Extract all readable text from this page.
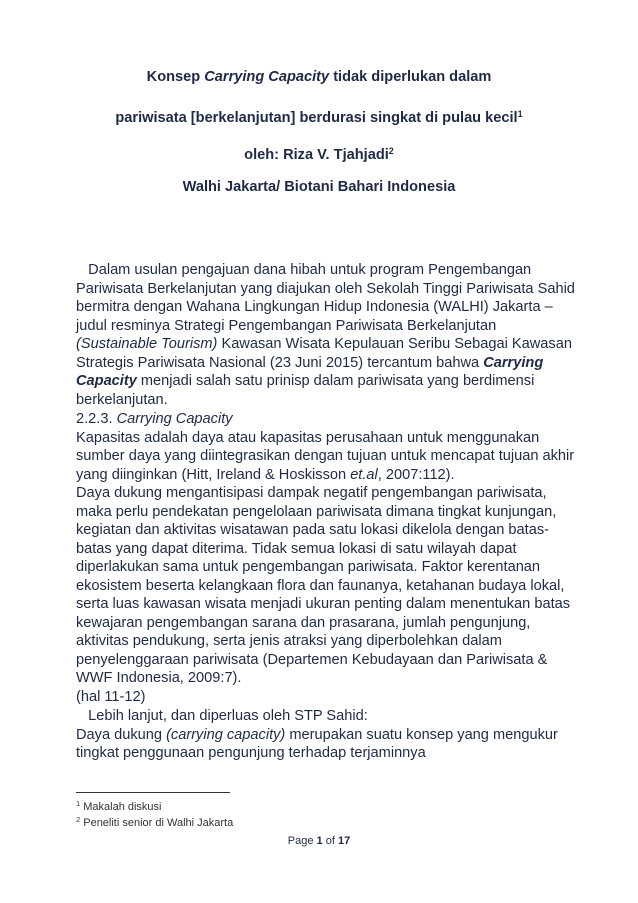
Konsep Carrying Capacity tidak diperlukan dalam
pariwisata [berkelanjutan] berdurasi singkat di pulau kecil$^1$
oleh: Riza V. Tjahjadi$^2$
Walhi Jakarta/ Biotani Bahari Indonesia
Dalam usulan pengajuan dana hibah untuk program Pengembangan Pariwisata Berkelanjutan yang diajukan oleh Sekolah Tinggi Pariwisata Sahid bermitra dengan Wahana Lingkungan Hidup Indonesia (WALHI) Jakarta – judul resminya Strategi Pengembangan Pariwisata Berkelanjutan (Sustainable Tourism) Kawasan Wisata Kepulauan Seribu Sebagai Kawasan Strategis Pariwisata Nasional (23 Juni 2015) tercantum bahwa Carrying Capacity menjadi salah satu prinisp dalam pariwisata yang berdimensi berkelanjutan.

2.2.3. Carrying Capacity

Kapasitas adalah daya atau kapasitas perusahaan untuk menggunakan sumber daya yang diintegrasikan dengan tujuan untuk mencapat tujuan akhir yang diinginkan (Hitt, Ireland & Hoskisson et.al, 2007:112).

Daya dukung mengantisipasi dampak negatif pengembangan pariwisata, maka perlu pendekatan pengelolaan pariwisata dimana tingkat kunjungan, kegiatan dan aktivitas wisatawan pada satu lokasi dikelola dengan batas-batas yang dapat diterima. Tidak semua lokasi di satu wilayah dapat diperlakukan sama untuk pengembangan pariwisata. Faktor kerentanan ekosistem beserta kelangkaan flora dan faunanya, ketahanan budaya lokal, serta luas kawasan wisata menjadi ukuran penting dalam menentukan batas kewajaran pengembangan sarana dan prasarana, jumlah pengunjung, aktivitas pendukung, serta jenis atraksi yang diperbolehkan dalam penyelenggaraan pariwisata (Departemen Kebudayaan dan Pariwisata & WWF Indonesia, 2009:7).

(hal 11-12)

Lebih lanjut, dan diperluas oleh STP Sahid:

Daya dukung (carrying capacity) merupakan suatu konsep yang mengukur tingkat penggunaan pengunjung terhadap terjaminnya

$^1$ Makalah diskusi
$^2$ Peneliti senior di Walhi Jakarta
Page 1 of 17
